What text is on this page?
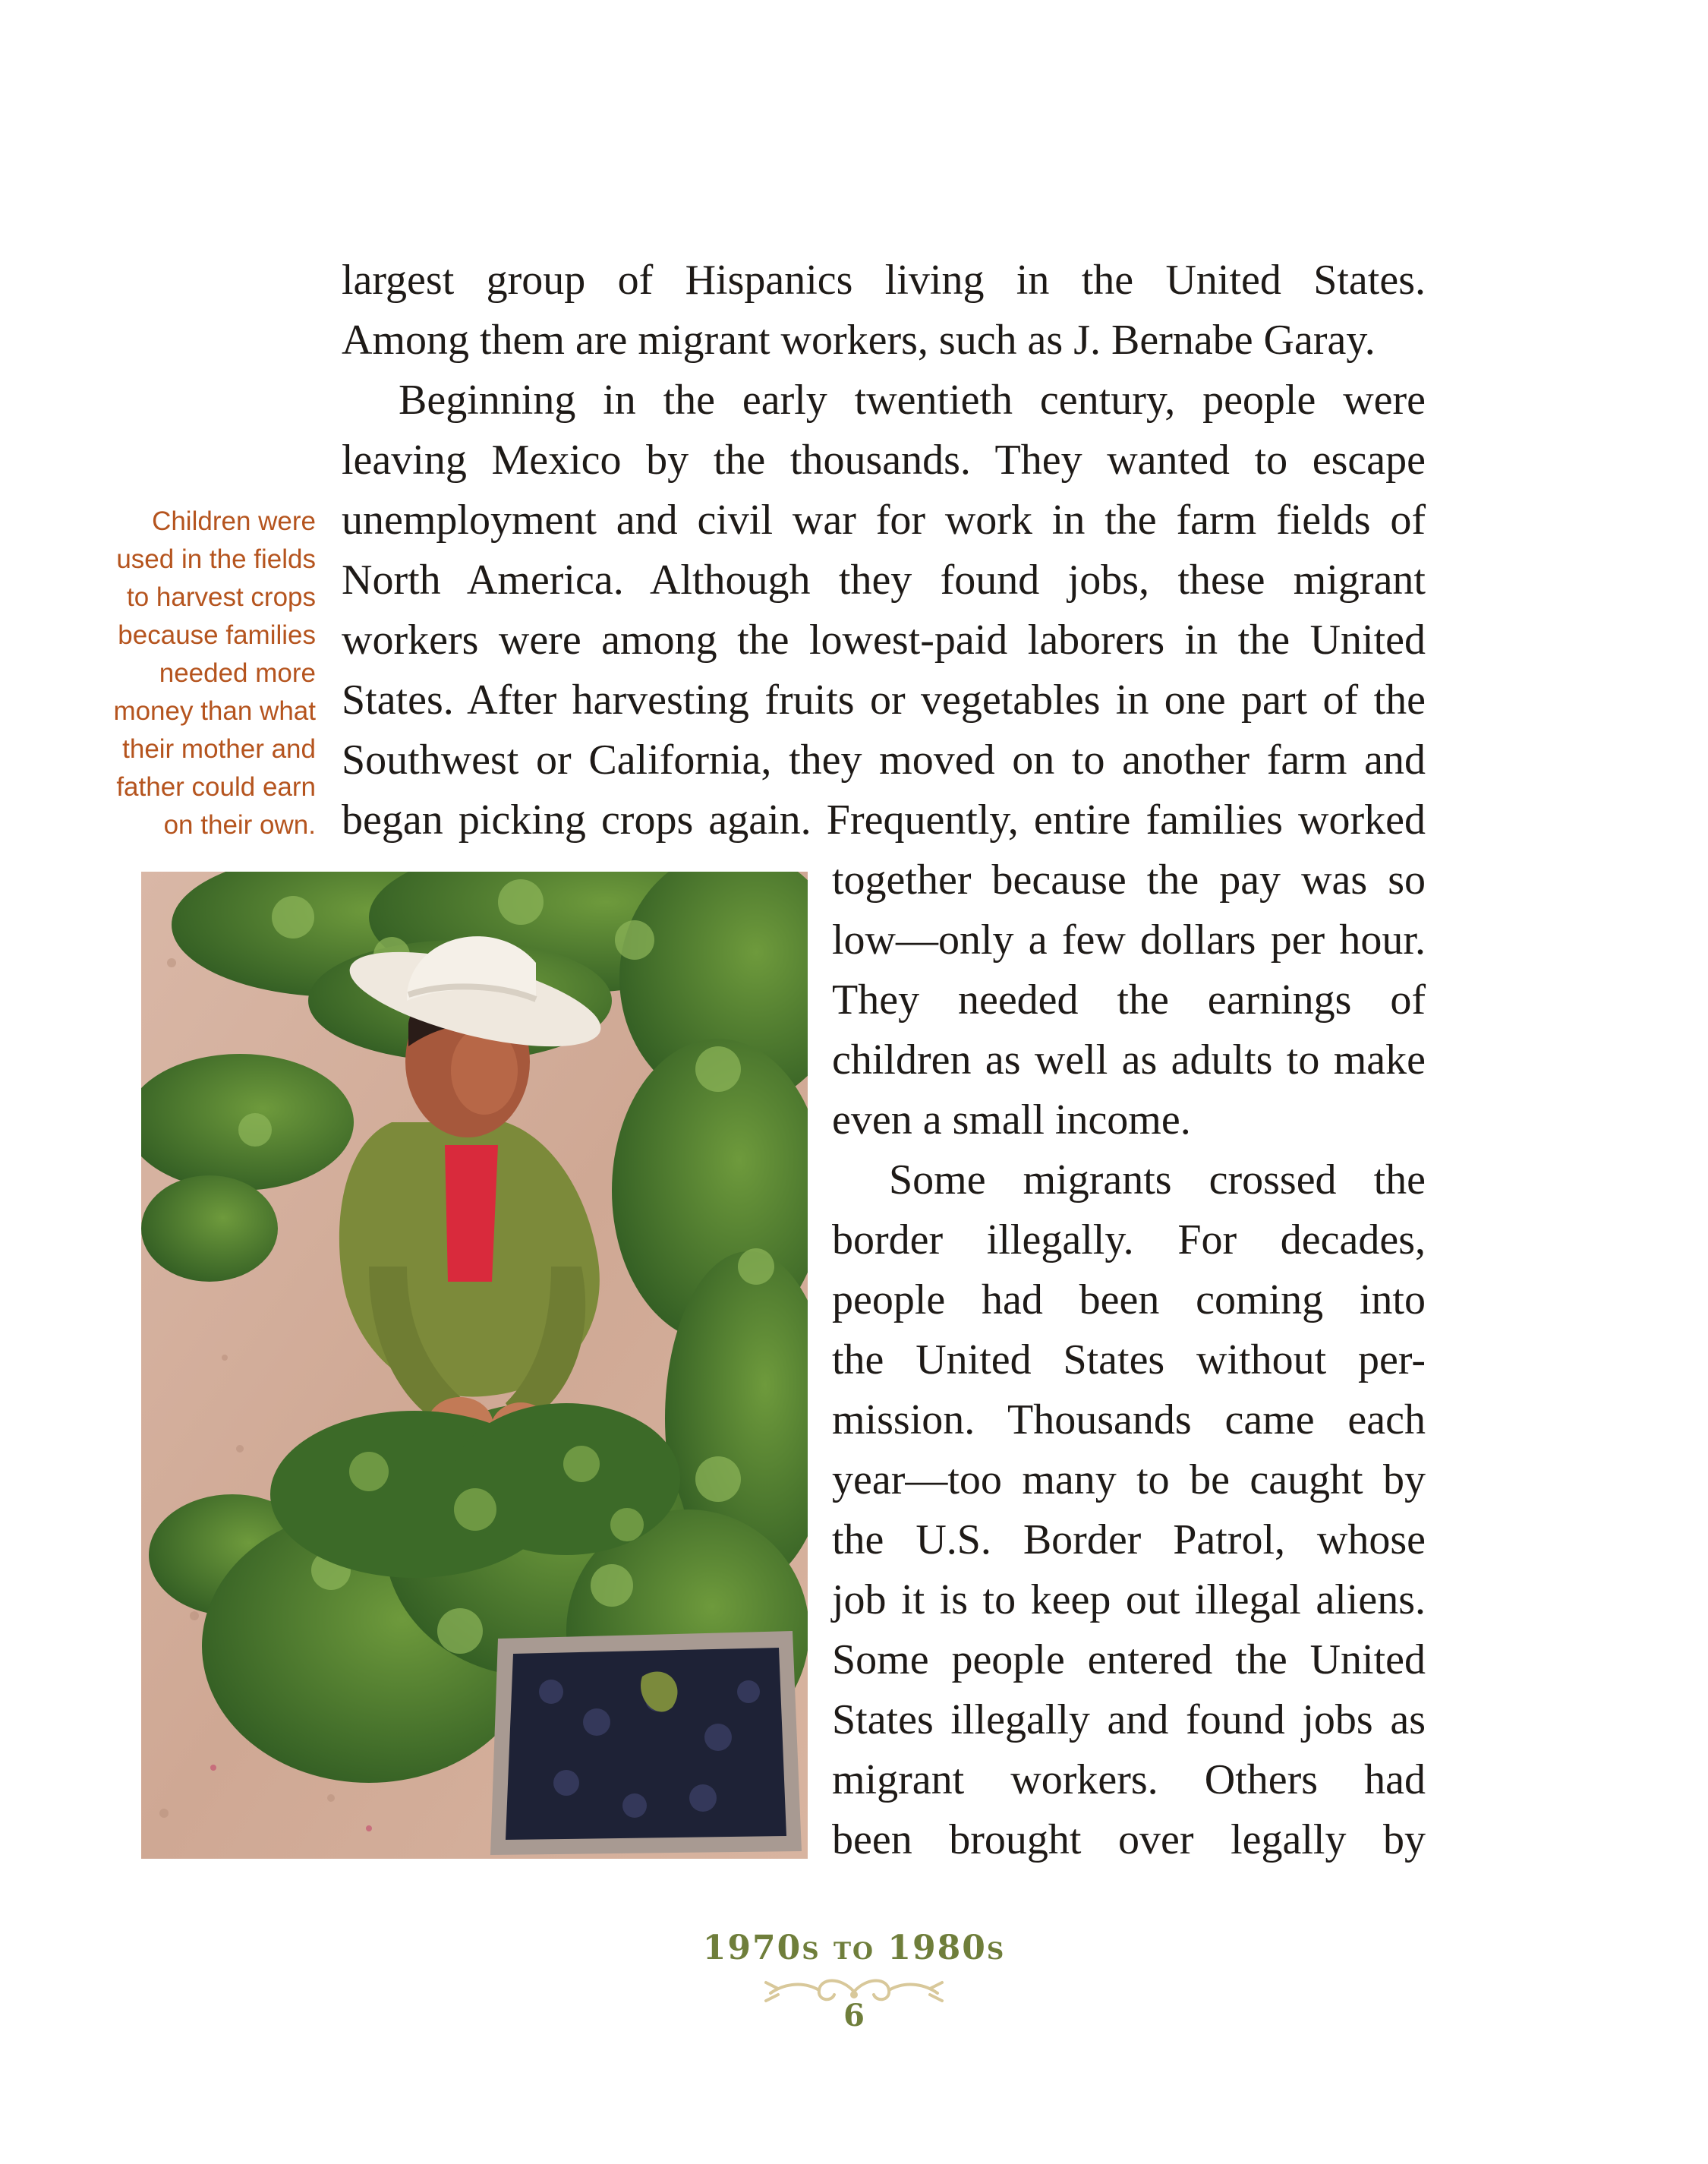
largest group of Hispanics living in the United States.
Among them are migrant workers, such as J. Bernabe Garay.
Beginning in the early twentieth century, people were
leaving Mexico by the thousands. They wanted to escape
unemployment and civil war for work in the farm fields of
North America. Although they found jobs, these migrant
workers were among the lowest-paid laborers in the United
States. After harvesting fruits or vegetables in one part of the
Southwest or California, they moved on to another farm and
began picking crops again. Frequently, entire families worked
Children were
used in the fields
to harvest crops
because families
needed more
money than what
their mother and
father could earn
on their own.
together because the pay was so
low—only a few dollars per hour.
They needed the earnings of
children as well as adults to make
even a small income.
Some migrants crossed the
border illegally. For decades,
people had been coming into
the United States without per-
mission. Thousands came each
year—too many to be caught by
the U.S. Border Patrol, whose
job it is to keep out illegal aliens.
Some people entered the United
States illegally and found jobs as
migrant workers. Others had
been brought over legally by
1970s to 1980s
6
